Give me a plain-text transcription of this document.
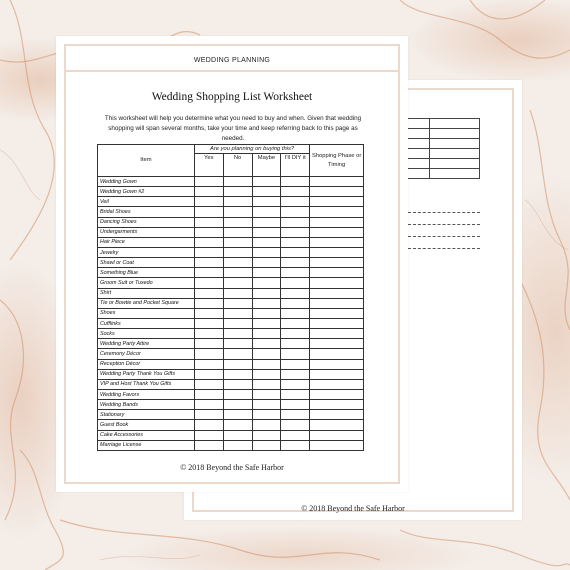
© 2018 Beyond the Safe Harbor
WEDDING PLANNING
Wedding Shopping List Worksheet
This worksheet will help you determine what you need to buy and when. Given that wedding shopping will span several months, take your time and keep referring back to this page as needed.
Item	Are you planning on buying this?				Shopping Phase or Timing
	Yes	No	Maybe	I'll DIY it	
Wedding Gown					
Wedding Gown #2					
Veil					
Bridal Shoes					
Dancing Shoes					
Undergarments					
Hair Piece					
Jewelry					
Shawl or Coat					
Something Blue					
Groom Suit or Tuxedo					
Shirt					
Tie or Bowtie and Pocket Square					
Shoes					
Cufflinks					
Socks					
Wedding Party Attire					
Ceremony Décor					
Reception Décor					
Wedding Party Thank You Gifts					
VIP and Host Thank You Gifts					
Wedding Favors					
Wedding Bands					
Stationary					
Guest Book					
Cake Accessories					
Marriage License					
© 2018 Beyond the Safe Harbor
